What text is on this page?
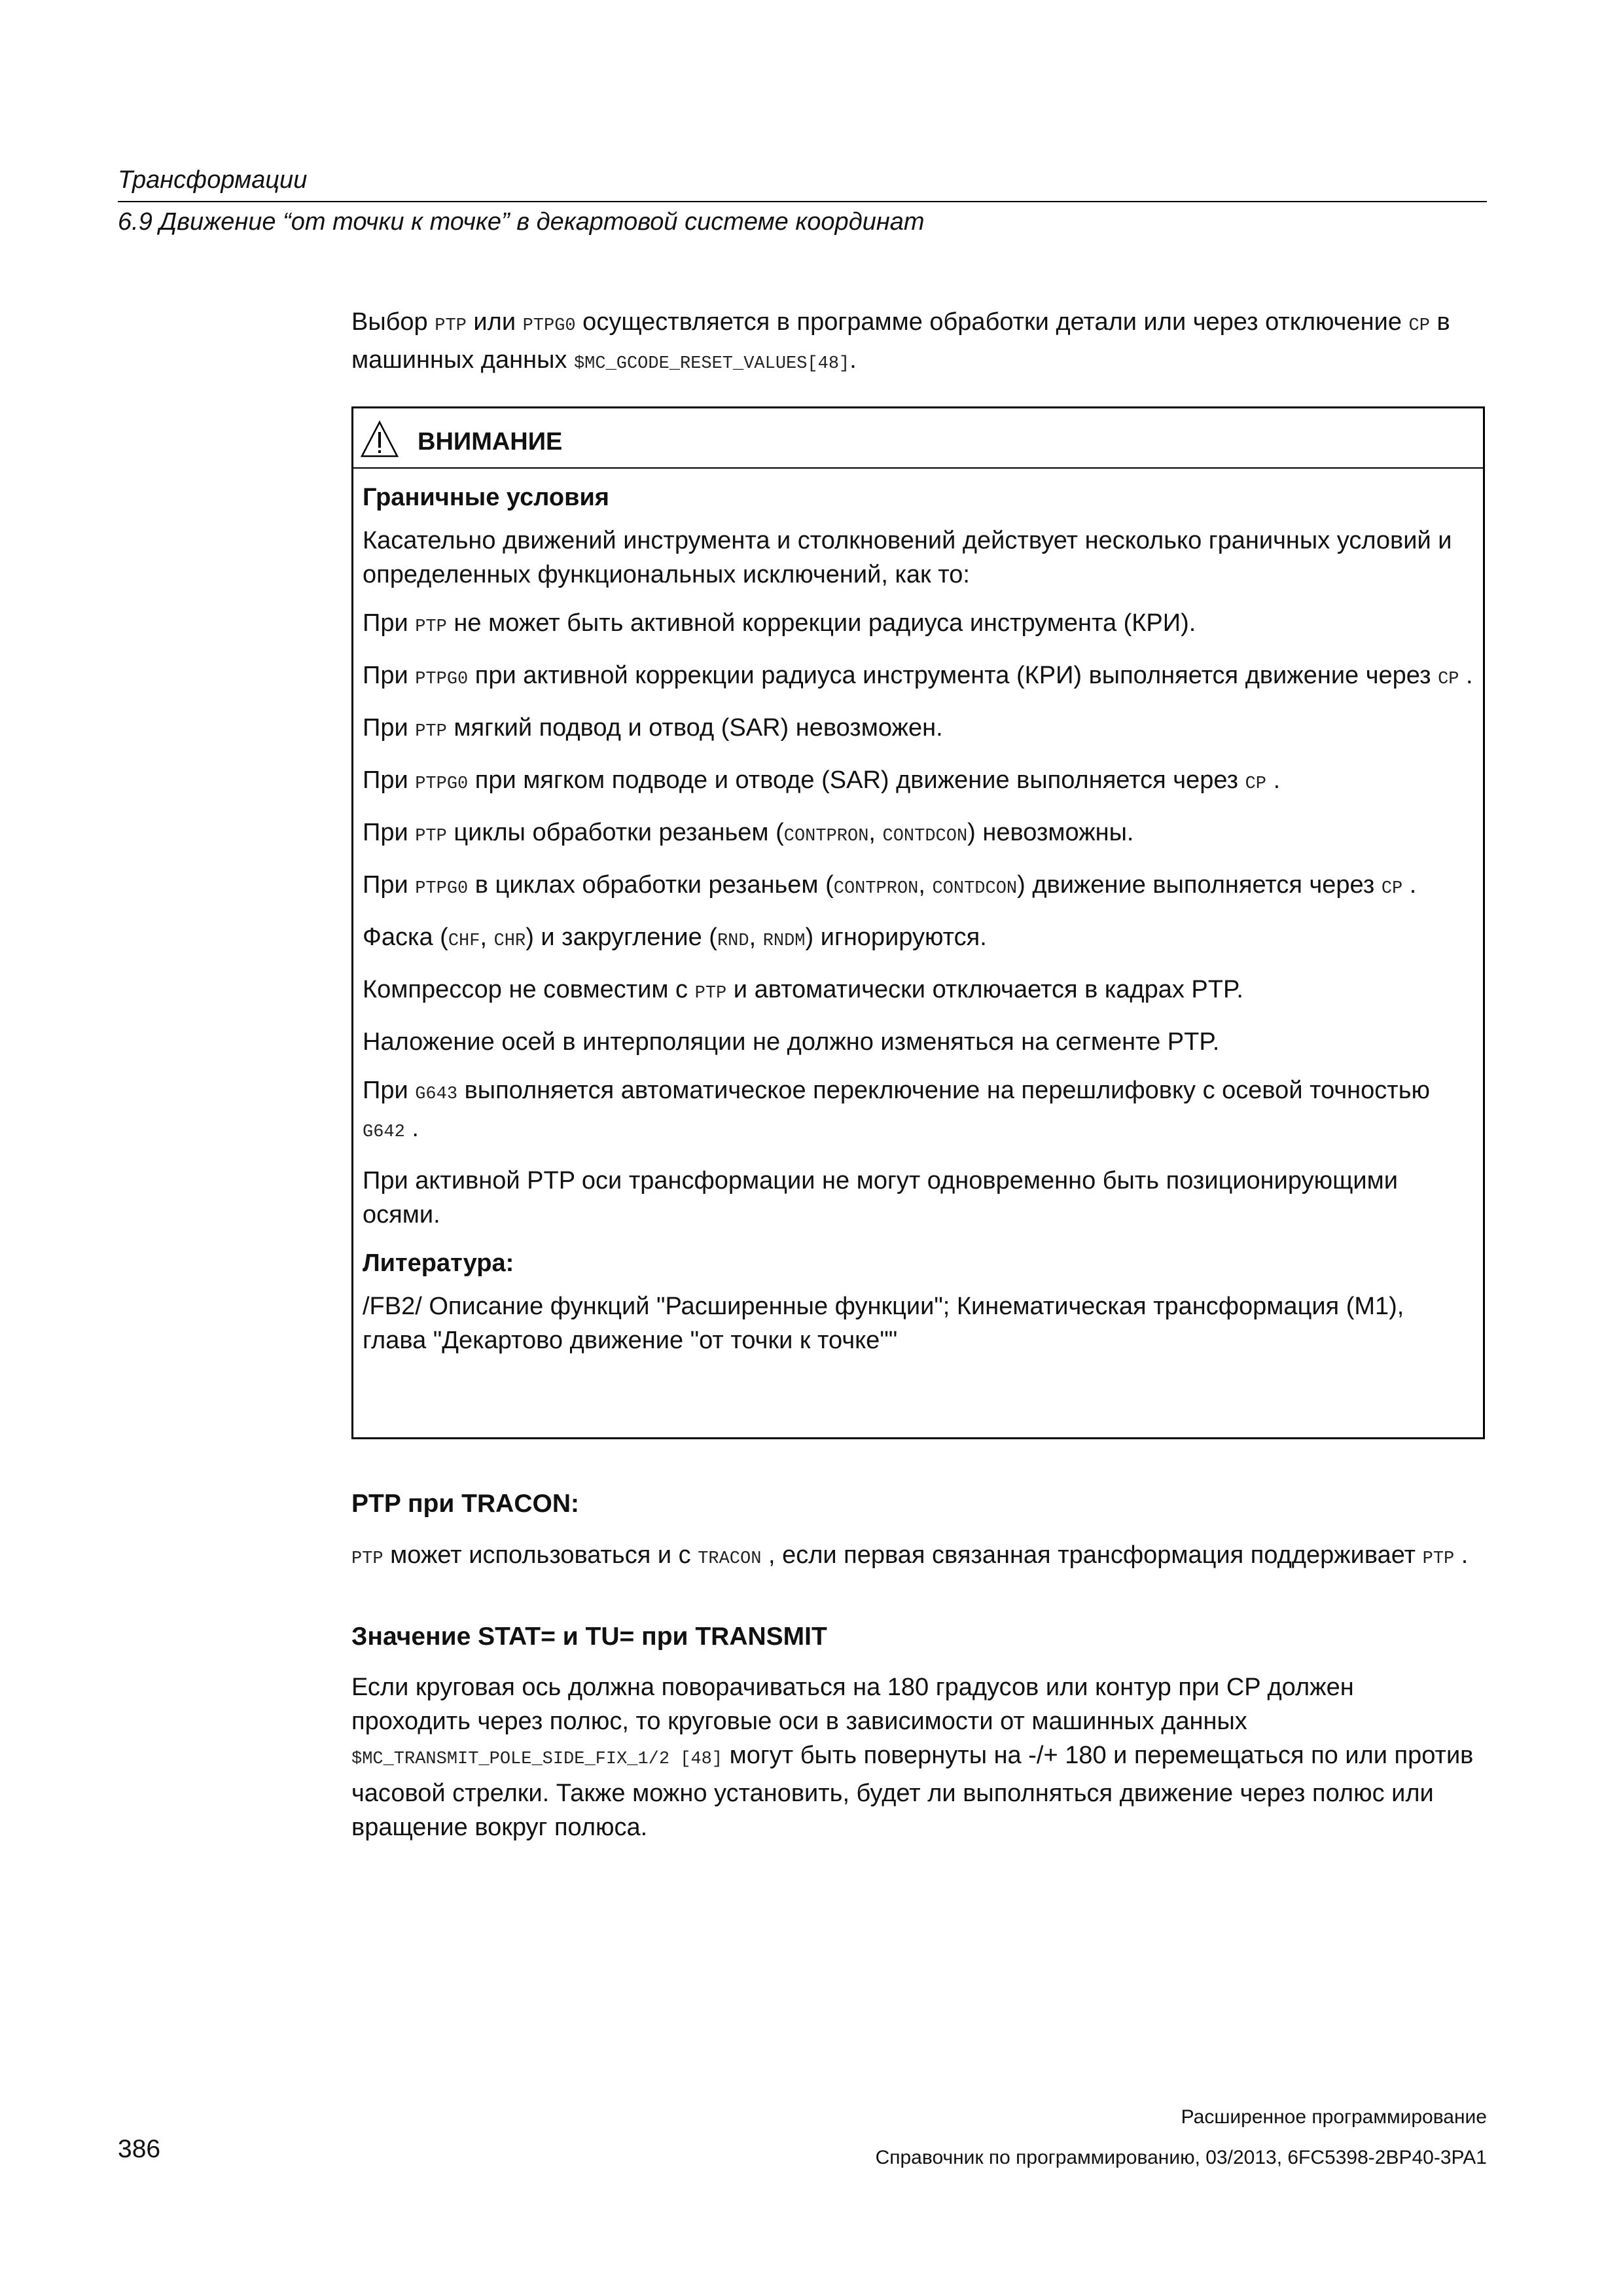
Трансформации
6.9 Движение “от точки к точке” в декартовой системе координат
Выбор PTP или PTPG0 осуществляется в программе обработки детали или через отключение CP в машинных данных $MC_GCODE_RESET_VALUES[48].
ВНИМАНИЕ
Граничные условия

Касательно движений инструмента и столкновений действует несколько граничных условий и определенных функциональных исключений, как то:

При PTP не может быть активной коррекции радиуса инструмента (КРИ).

При PTPG0 при активной коррекции радиуса инструмента (КРИ) выполняется движение через CP .

При PTP мягкий подвод и отвод (SAR) невозможен.

При PTPG0 при мягком подводе и отводе (SAR) движение выполняется через CP .

При PTP циклы обработки резаньем (CONTPRON, CONTDCON) невозможны.

При PTPG0 в циклах обработки резаньем (CONTPRON, CONTDCON) движение выполняется через CP .

Фаска (CHF, CHR) и закругление (RND, RNDM) игнорируются.

Компрессор не совместим с PTP и автоматически отключается в кадрах PTP.

Наложение осей в интерполяции не должно изменяться на сегменте PTP.

При G643 выполняется автоматическое переключение на перешлифовку с осевой точностью G642 .

При активной PTP оси трансформации не могут одновременно быть позиционирующими осями.

Литература:
/FB2/ Описание функций "Расширенные функции"; Кинематическая трансформация (M1),
глава "Декартово движение "от точки к точке""
PTP при TRACON:
PTP может использоваться и с TRACON , если первая связанная трансформация поддерживает PTP .
Значение STAT= и TU= при TRANSMIT
Если круговая ось должна поворачиваться на 180 градусов или контур при CP должен проходить через полюс, то круговые оси в зависимости от машинных данных $MC_TRANSMIT_POLE_SIDE_FIX_1/2 [48] могут быть повернуты на -/+ 180 и перемещаться по или против часовой стрелки. Также можно установить, будет ли выполняться движение через полюс или вращение вокруг полюса.
Расширенное программирование
Справочник по программированию, 03/2013, 6FC5398-2BP40-3PA1
386
